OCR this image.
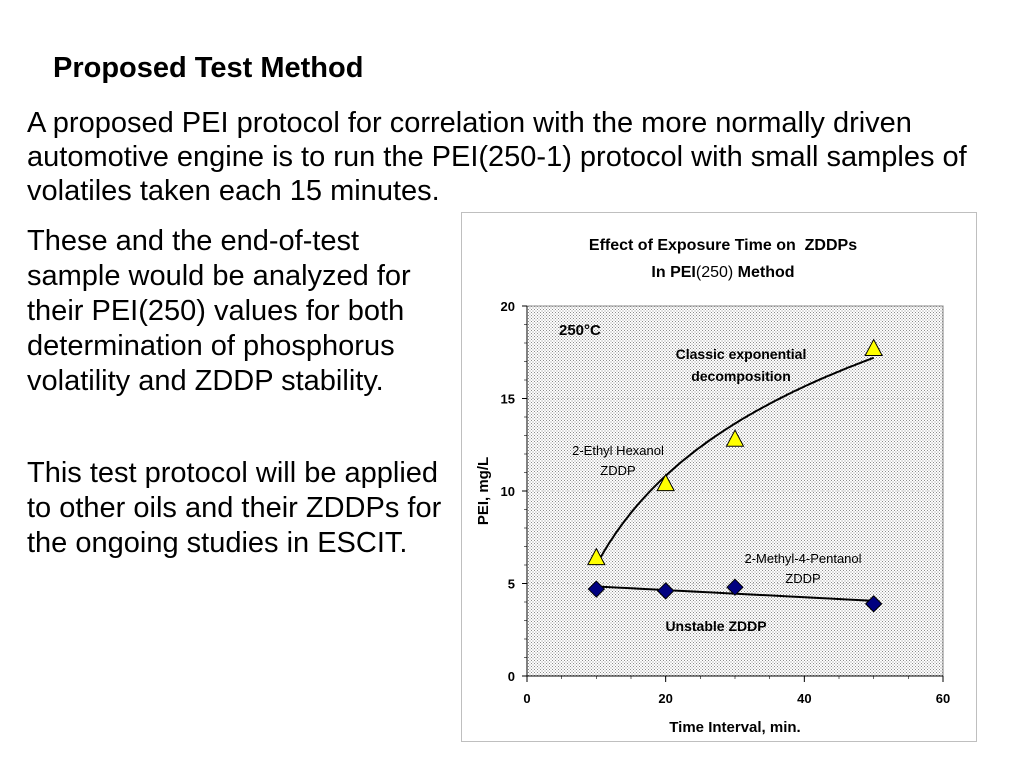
Proposed Test Method
A proposed PEI protocol for correlation with the more normally driven automotive engine is to run the PEI(250-1) protocol with small samples of volatiles taken each 15 minutes.
These and the end-of-test sample would be analyzed for their PEI(250) values for both determination of phosphorus volatility and ZDDP stability.
This test protocol will be applied to other oils and their ZDDPs for the ongoing studies in ESCIT.
Effect of Exposure Time on  ZDDPs
In PEI(250) Method
0
5
10
15
20
0	20	40	60
PEI, mg/L
Time Interval, min.
250°C
Classic exponential
decomposition
2-Ethyl Hexanol
ZDDP
2-Methyl-4-Pentanol
ZDDP
Unstable ZDDP
